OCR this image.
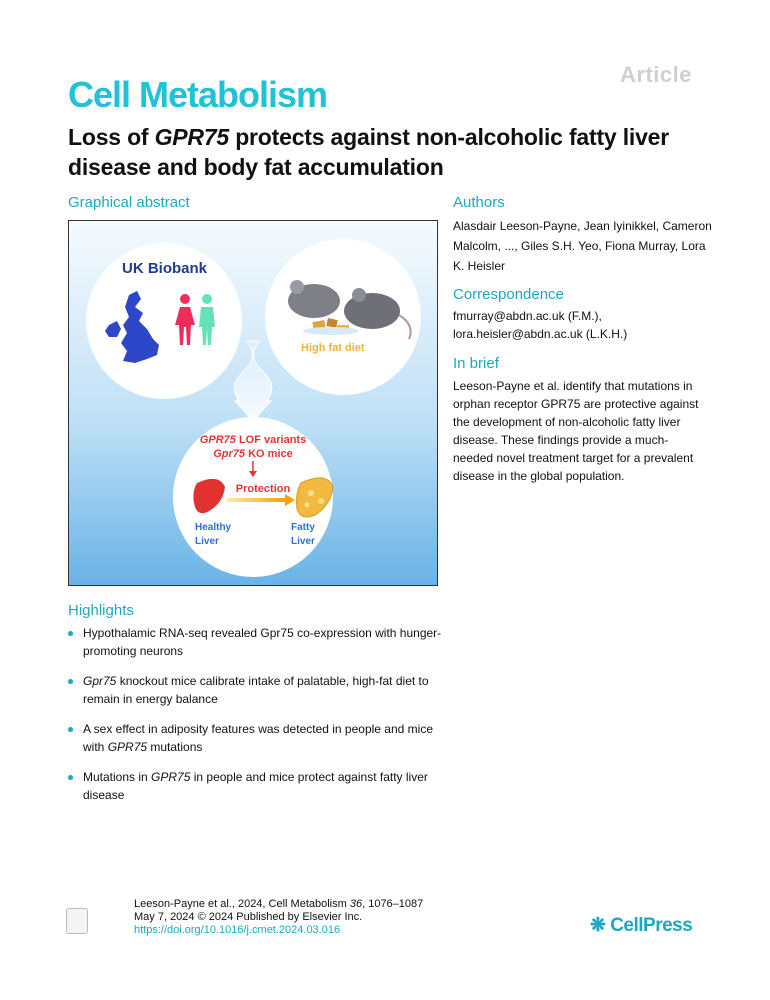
Article
Cell Metabolism
Loss of GPR75 protects against non-alcoholic fatty liver disease and body fat accumulation
Graphical abstract
UK Biobank
High fat diet
GPR75 LOF variants
Gpr75 KO mice
Protection
Healthy
Liver
Fatty
Liver
Authors
Alasdair Leeson-Payne, Jean Iyinikkel, Cameron Malcolm, ..., Giles S.H. Yeo, Fiona Murray, Lora K. Heisler
Correspondence
fmurray@abdn.ac.uk (F.M.),
lora.heisler@abdn.ac.uk (L.K.H.)
In brief
Leeson-Payne et al. identify that mutations in orphan receptor GPR75 are protective against the development of non-alcoholic fatty liver disease. These findings provide a much-needed novel treatment target for a prevalent disease in the global population.
Highlights
Hypothalamic RNA-seq revealed Gpr75 co-expression with hunger-promoting neurons
Gpr75 knockout mice calibrate intake of palatable, high-fat diet to remain in energy balance
A sex effect in adiposity features was detected in people and mice with GPR75 mutations
Mutations in GPR75 in people and mice protect against fatty liver disease
Leeson-Payne et al., 2024, Cell Metabolism 36, 1076–1087
May 7, 2024 © 2024 Published by Elsevier Inc.
https://doi.org/10.1016/j.cmet.2024.03.016	❋ CellPress
